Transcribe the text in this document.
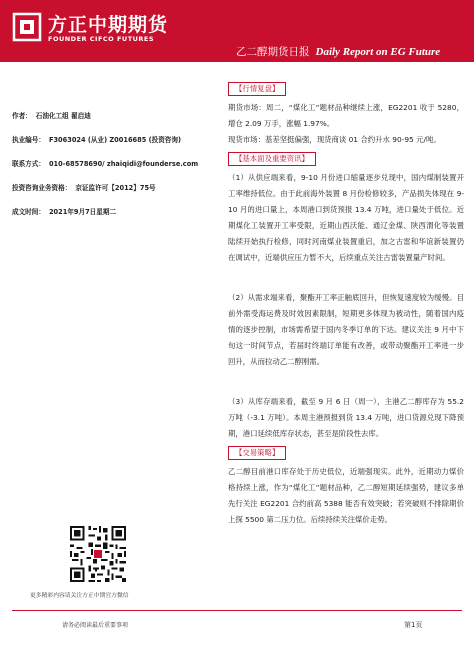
方正中期期货
FOUNDER CIFCO FUTURES
乙二醇期货日报 Daily Report on EG Future
作者： 石油化工组 翟启迪
执业编号： F3063024 (从业) Z0016685 (投资咨询)
联系方式： 010-68578690/ zhaiqidi@founderse.com
投资咨询业务资格： 京证监许可【2012】75号
成文时间： 2021年9月7日星期二
更多精彩内容请关注方正中期官方微信
【行情复盘】
期货市场：周二，“煤化工”题材品种继续上涨，EG2201 收于 5280，增仓 2.09 万手，涨幅 1.97%。
现货市场：基差坚挺偏强，现货商谈 01 合约升水 90-95 元/吨。
【基本面及重要资讯】
（1）从供应端来看，9-10 月份进口缩量逐步兑现中，国内煤制装置开工率维持低位。由于此前海外装置 8 月份检修较多，产品损失体现在 9-10 月的进口量上，本周港口到货预报 13.4 万吨，进口量处于低位。近期煤化工装置开工率受限，近期山西沃能、通辽金煤、陕西渭化等装置陆续开始执行检修，同时河南煤业装置重启，加之古雷和华谊新装置仍在调试中，近端供应压力暂不大，后续重点关注古雷装置量产时间。
（2）从需求端来看，聚酯开工率正触底回升，但恢复速度较为缓慢。目前外需受海运费及时效因素限制，短期更多体现为被动性，随着国内疫情的逐步控制，市场需希望于国内冬季订单的下达。建议关注 9 月中下旬这一时间节点，若届时终端订单能有改善，或带动聚酯开工率进一步回升，从而拉动乙二醇刚需。
（3）从库存端来看，截至 9 月 6 日（周一），主港乙二醇库存为 55.2 万吨（-3.1 万吨）。本周主港预报到货 13.4 万吨，进口货源兑现下降预期，港口延续低库存状态，甚至是阶段性去库。
【交易策略】
乙二醇目前港口库存处于历史低位，近端强现实。此外，近期动力煤价格持续上涨，作为“煤化工”题材品种，乙二醇短期延续强势，建议多单先行关注 EG2201 合约前高 5388 能否有效突破；若突破则不排除期价上探 5500 第二压力位。后续持续关注煤价走势。
请务必阅读最后重要事项	第1页
